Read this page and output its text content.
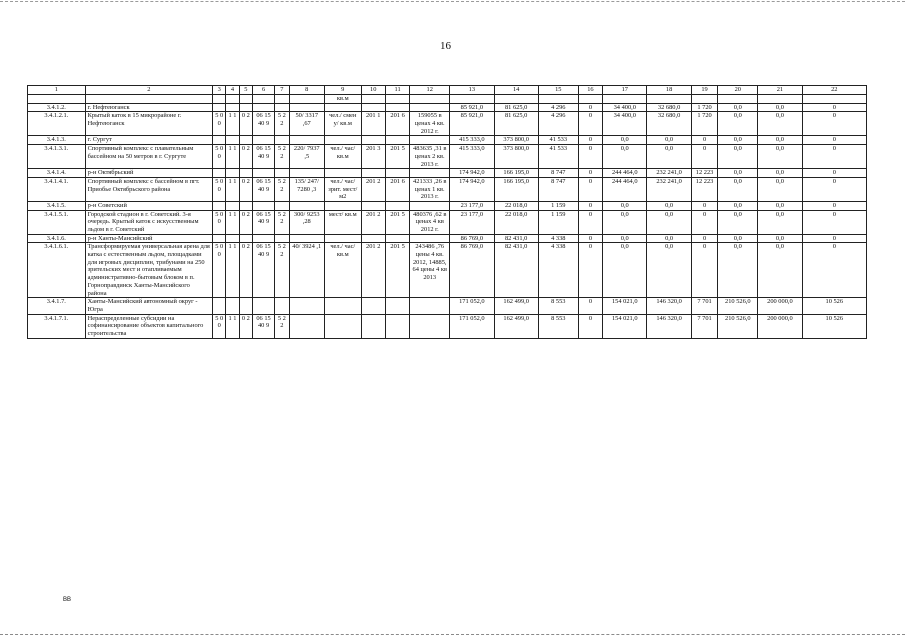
16
1	2	3	4	5	6	7	8	9	10	11	12	13	14	15	16	17	18	19	20	21	22
								кв.м													
3.4.1.2.	г. Нефтеюганск											85 921,0	81 625,0	4 296	0	34 400,0	32 680,0	1 720	0,0	0,0	0
3.4.1.2.1.	Крытый каток в 15 микрорайоне г. Нефтеюганск	5 0 0	1 1	0 2	06 15 40 9	5 2 2	50/ 3317 ,67	чел./ смен у/ кв.м	201 1	201 6	159055 в ценах 4 кв. 2012 г.	85 921,0	81 625,0	4 296	0	34 400,0	32 680,0	1 720	0,0	0,0	0
3.4.1.3.	г. Сургут											415 333,0	373 800,0	41 533	0	0,0	0,0	0	0,0	0,0	0
3.4.1.3.1.	Спортивный комплекс с плавательным бассейном на 50 метров в г. Сургуте	5 0 0	1 1	0 2	06 15 40 9	5 2 2	220/ 7937 ,5	чел./ час/ кв.м	201 3	201 5	483635 ,31 в ценах 2 кв. 2013 г.	415 333,0	373 800,0	41 533	0	0,0	0,0	0	0,0	0,0	0
3.4.1.4.	р-н Октябрьский											174 942,0	166 195,0	8 747	0	244 464,0	232 241,0	12 223	0,0	0,0	0
3.4.1.4.1.	Спортивный комплекс с бассейном в пгт. Приобье Октябрьского района	5 0 0	1 1	0 2	06 15 40 9	5 2 2	135/ 247/ 7280 ,3	чел./ час/ зрит. мест/ м2	201 2	201 6	421333 ,26 в ценах 1 кв. 2013 г.	174 942,0	166 195,0	8 747	0	244 464,0	232 241,0	12 223	0,0	0,0	0
3.4.1.5.	р-н Советский											23 177,0	22 018,0	1 159	0	0,0	0,0	0	0,0	0,0	0
3.4.1.5.1.	Городской стадион в г. Советский. 3-я очередь. Крытый каток с искусственным льдом в г. Советский	5 0 0	1 1	0 2	06 15 40 9	5 2 2	300/ 9253 ,28	мест/ кв.м	201 2	201 5	480376 ,62 в ценах 4 кв 2012 г.	23 177,0	22 018,0	1 159	0	0,0	0,0	0	0,0	0,0	0
3.4.1.6.	р-н Ханты-Мансийский											86 769,0	82 431,0	4 338	0	0,0	0,0	0	0,0	0,0	0
3.4.1.6.1.	Трансформируемая универсальная арена для катка с естественным льдом, площадками для игровых дисциплин, трибунами на 250 зрительских мест и отапливаемым административно-бытовым блоком в п. Горноправдинск Ханты-Мансийского района	5 0 0	1 1	0 2	06 15 40 9	5 2 2	40/ 3924 ,1	чел./ час/ кв.м	201 2	201 5	243486 ,76 цены 4 кв. 2012, 14885, 64 цены 4 кв 2013	86 769,0	82 431,0	4 338	0	0,0	0,0	0	0,0	0,0	0
3.4.1.7.	Ханты-Мансийский автономный округ - Югра											171 052,0	162 499,0	8 553	0	154 021,0	146 320,0	7 701	210 526,0	200 000,0	10 526
3.4.1.7.1.	Нераспределенные субсидии на софинансирование объектов капитального строительства	5 0 0	1 1	0 2	06 15 40 9	5 2 2						171 052,0	162 499,0	8 553	0	154 021,0	146 320,0	7 701	210 526,0	200 000,0	10 526
ВВ
